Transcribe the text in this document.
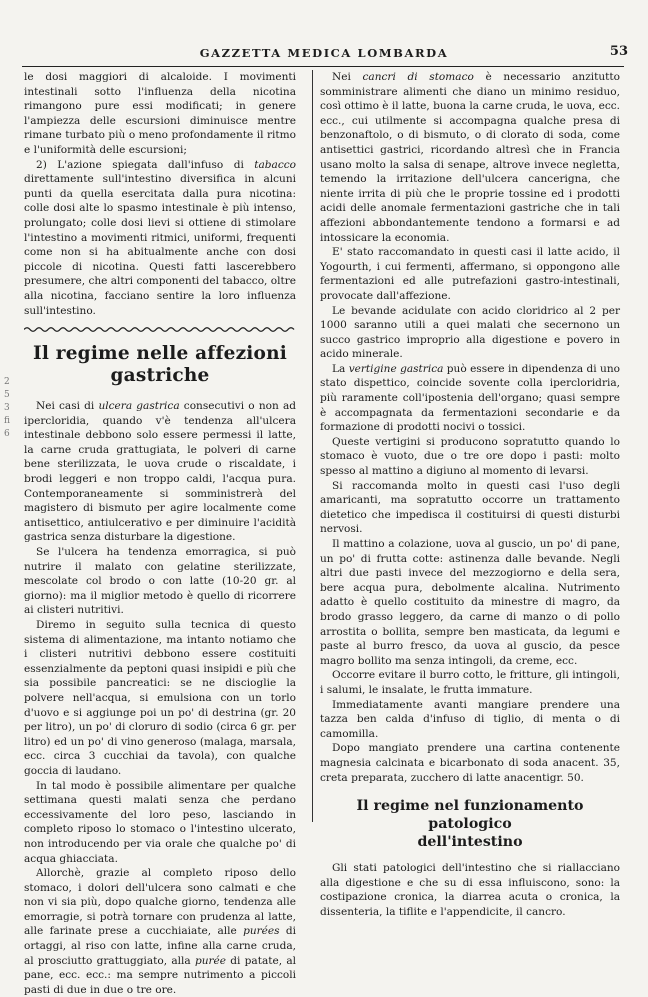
GAZZETTA MEDICA LOMBARDA	53
2
5
3
fi
6

le dosi maggiori di alcaloide. I movimenti intestinali sotto l'influenza della nicotina rimangono pure essi modificati; in genere l'ampiezza delle escursioni diminuisce mentre rimane turbato più o meno profondamente il ritmo e l'uniformità delle escursioni;

2) L'azione spiegata dall'infuso di tabacco direttamente sull'intestino diversifica in alcuni punti da quella esercitata dalla pura nicotina: colle dosi alte lo spasmo intestinale è più intenso, prolungato; colle dosi lievi si ottiene di stimolare l'intestino a movimenti ritmici, uniformi, frequenti come non si ha abitualmente anche con dosi piccole di nicotina. Questi fatti lascerebbero presumere, che altri componenti del tabacco, oltre alla nicotina, facciano sentire la loro influenza sull'intestino.

Il regime nelle affezioni gastriche

Nei casi di ulcera gastrica consecutivi o non ad ipercloridia, quando v'è tendenza all'ulcera intestinale debbono solo essere permessi il latte, la carne cruda grattugiata, le polveri di carne bene sterilizzata, le uova crude o riscaldate, i brodi leggeri e non troppo caldi, l'acqua pura. Contemporaneamente si somministrerà del magistero di bismuto per agire localmente come antisettico, antiulcerativo e per diminuire l'acidità gastrica senza disturbare la digestione.

Se l'ulcera ha tendenza emorragica, si può nutrire il malato con gelatine sterilizzate, mescolate col brodo o con latte (10-20 gr. al giorno): ma il miglior metodo è quello di ricorrere ai clisteri nutritivi.

Diremo in seguito sulla tecnica di questo sistema di alimentazione, ma intanto notiamo che i clisteri nutritivi debbono essere costituiti essenzialmente da peptoni quasi insipidi e più che sia possibile pancreatici: se ne discioglie la polvere nell'acqua, si emulsiona con un torlo d'uovo e si aggiunge poi un po' di destrina (gr. 20 per litro), un po' di cloruro di sodio (circa 6 gr. per litro) ed un po' di vino generoso (malaga, marsala, ecc. circa 3 cucchiai da tavola), con qualche goccia di laudano.

In tal modo è possibile alimentare per qualche settimana questi malati senza che perdano eccessivamente del loro peso, lasciando in completo riposo lo stomaco o l'intestino ulcerato, non introducendo per via orale che qualche po' di acqua ghiacciata.

Allorchè, grazie al completo riposo dello stomaco, i dolori dell'ulcera sono calmati e che non vi sia più, dopo qualche giorno, tendenza alle emorragie, si potrà tornare con prudenza al latte, alle farinate prese a cucchiaiate, alle purées di ortaggi, al riso con latte, infine alla carne cruda, al prosciutto grattuggiato, alla purée di patate, al pane, ecc. ecc.: ma sempre nutrimento a piccoli pasti di due in due o tre ore.

Nei cancri di stomaco è necessario anzitutto somministrare alimenti che diano un minimo residuo, così ottimo è il latte, buona la carne cruda, le uova, ecc. ecc., cui utilmente si accompagna qualche presa di benzonaftolo, o di bismuto, o di clorato di soda, come antisettici gastrici, ricordando altresì che in Francia usano molto la salsa di senape, altrove invece negletta, temendo la irritazione dell'ulcera cancerigna, che niente irrita di più che le proprie tossine ed i prodotti acidi delle anomale fermentazioni gastriche che in tali affezioni abbondantemente tendono a formarsi e ad intossicare la economia.

E' stato raccomandato in questi casi il latte acido, il Yogourth, i cui fermenti, affermano, si oppongono alle fermentazioni ed alle putrefazioni gastro-intestinali, provocate dall'affezione.

Le bevande acidulate con acido cloridrico al 2 per 1000 saranno utili a quei malati che secernono un succo gastrico improprio alla digestione e povero in acido minerale.

La vertigine gastrica può essere in dipendenza di uno stato dispettico, coincide sovente colla ipercloridria, più raramente coll'ipostenia dell'organo; quasi sempre è accompagnata da fermentazioni secondarie e da formazione di prodotti nocivi o tossici.

Queste vertigini si producono sopratutto quando lo stomaco è vuoto, due o tre ore dopo i pasti: molto spesso al mattino a digiuno al momento di levarsi.

Si raccomanda molto in questi casi l'uso degli amaricanti, ma sopratutto occorre un trattamento dietetico che impedisca il costituirsi di questi disturbi nervosi.

Il mattino a colazione, uova al guscio, un po' di pane, un po' di frutta cotte: astinenza dalle bevande. Negli altri due pasti invece del mezzogiorno e della sera, bere acqua pura, debolmente alcalina. Nutrimento adatto è quello costituito da minestre di magro, da brodo grasso leggero, da carne di manzo o di pollo arrostita o bollita, sempre ben masticata, da legumi e paste al burro fresco, da uova al guscio, da pesce magro bollito ma senza intingoli, da creme, ecc.

Occorre evitare il burro cotto, le fritture, gli intingoli, i salumi, le insalate, le frutta immature.

Immediatamente avanti mangiare prendere una tazza ben calda d'infuso di tiglio, di menta o di camomilla.

Dopo mangiato prendere una cartina contenente magnesia calcinata e bicarbonato di soda anacent. 35, creta preparata, zucchero di latte anacentigr. 50.

Il regime nel funzionamento patologico
dell'intestino

Gli stati patologici dell'intestino che si riallacciano alla digestione e che su di essa influiscono, sono: la costipazione cronica, la diarrea acuta o cronica, la dissenteria, la tiflite e l'appendicite, il cancro.
